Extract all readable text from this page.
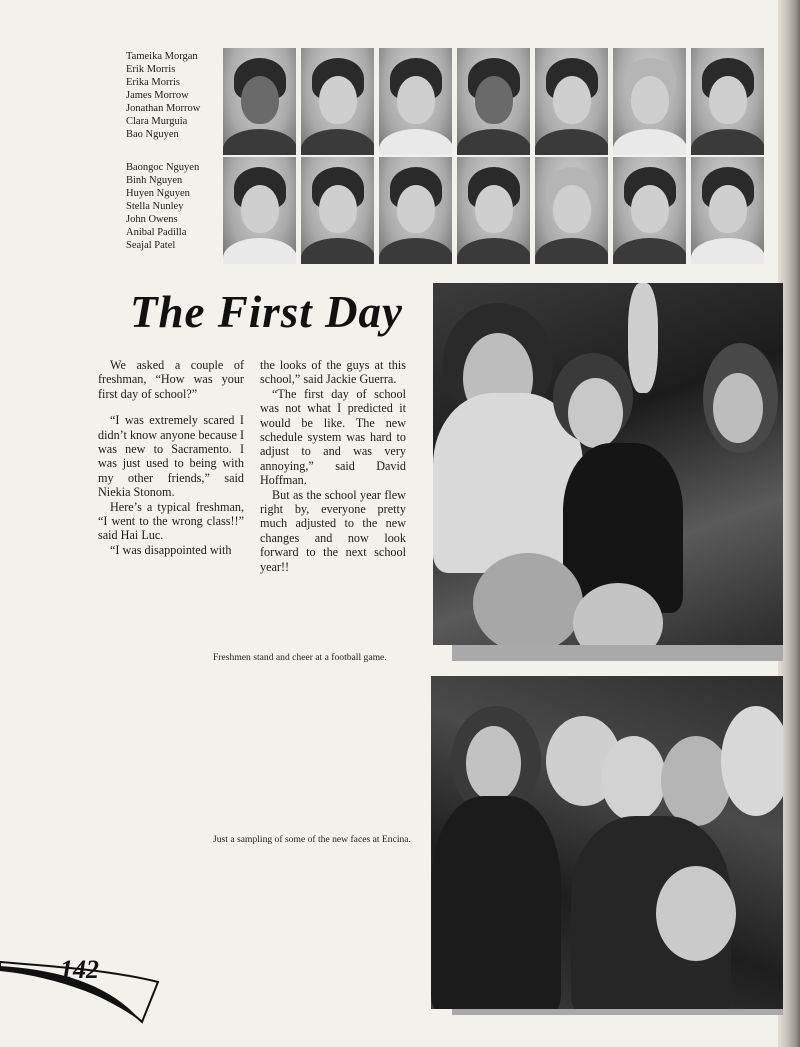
Tameika Morgan
Erik Morris
Erika Morris
James Morrow
Jonathan Morrow
Clara Murguia
Bao Nguyen
Baongoc Nguyen
Binh Nguyen
Huyen Nguyen
Stella Nunley
John Owens
Anibal Padilla
Seajal Patel
The First Day

We asked a couple of freshman, “How was your first day of school?”

“I was extremely scared I didn’t know anyone because I was new to Sacramento. I was just used to being with my other friends,” said Niekia Stonom.

Here’s a typical freshman, “I went to the wrong class!!” said Hai Luc.

“I was disappointed with

the looks of the guys at this school,” said Jackie Guerra.

“The first day of school was not what I predicted it would be like. The new schedule system was hard to adjust to and was very annoying,” said David Hoffman.

But as the school year flew right by, everyone pretty much adjusted to the new changes and now look forward to the next school year!!

Freshmen stand and cheer at a football game.
Just a sampling of some of the new faces at Encina.
142
